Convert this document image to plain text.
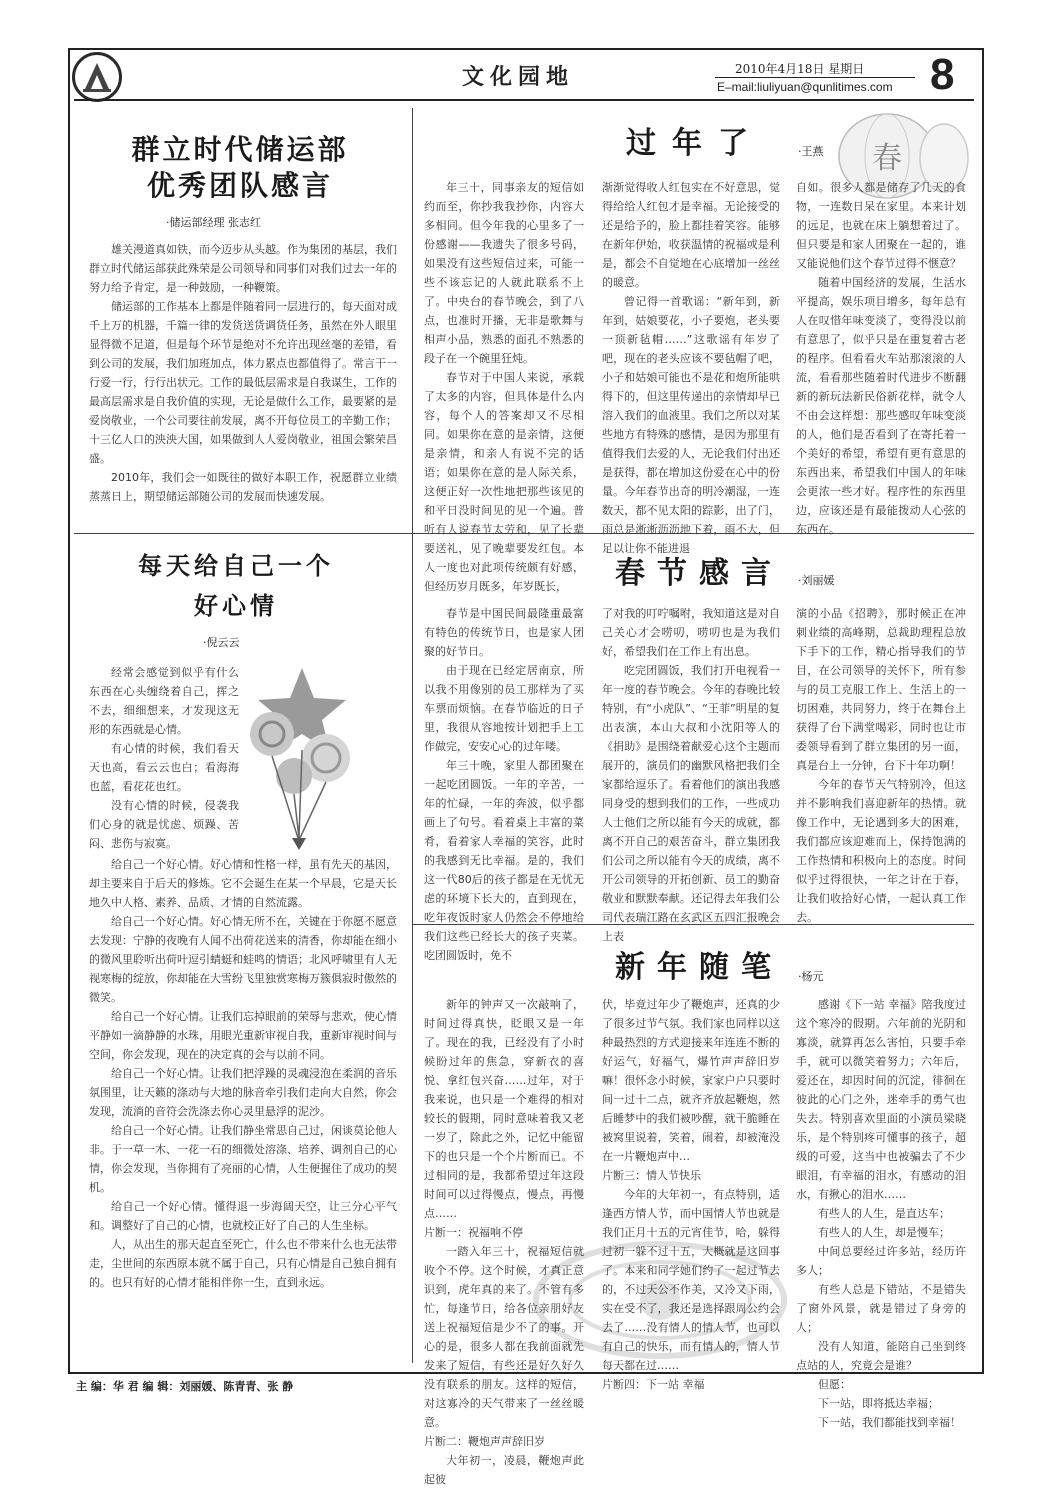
文化园地	2010年4月18日 星期日
E–mail:liuliyuan@qunlitimes.com 8
群立时代储运部
优秀团队感言
·储运部经理 张志红

雄关漫道真如铁，而今迈步从头越。作为集团的基层，我们群立时代储运部获此殊荣是公司领导和同事们对我们过去一年的努力给予肯定，是一种鼓励，一种鞭策。

储运部的工作基本上都是伴随着同一层进行的，每天面对成千上万的机器，千篇一律的发货送货调货任务，虽然在外人眼里显得微不足道，但是每个环节是绝对不允许出现丝毫的差错，看到公司的发展，我们加班加点，体力累点也都值得了。常言干一行爱一行，行行出状元。工作的最低层需求是自我谋生，工作的最高层需求是自我价值的实现，无论是做什么工作，最要紧的是爱岗敬业，一个公司要往前发展，离不开每位员工的辛勤工作；十三亿人口的泱泱大国，如果做到人人爱岗敬业，祖国会繁荣昌盛。

2010年，我们会一如既往的做好本职工作，祝愿群立业绩蒸蒸日上，期望储运部随公司的发展而快速发展。

过年了	·王燕 春

年三十，同事亲友的短信如约而至，你抄我我抄你，内容大多相同。但今年我的心里多了一份感谢——我遗失了很多号码，如果没有这些短信过来，可能一些不该忘记的人就此联系不上了。中央台的春节晚会，到了八点，也准时开播，无非是歌舞与相声小品，熟悉的面孔不熟悉的段子在一个碗里狂炖。

春节对于中国人来说，承载了太多的内容，但具体是什么内容，每个人的答案却又不尽相同。如果你在意的是亲情，这便是亲情，和亲人有说不完的话语；如果你在意的是人际关系，这便正好一次性地把那些该见的和平日没时间见的见一个遍。普听有人说春节太劳和，见了长辈要送礼，见了晚辈要发红包。本人一度也对此项传统颇有好感，但经历岁月既多，年岁既长，

渐渐觉得收人红包实在不好意思，觉得给给人红包才是幸福。无论接受的还是给予的，脸上都挂着笑容。能够在新年伊始，收获温情的祝福或是利是，都会不自觉地在心底增加一丝丝的暖意。

曾记得一首歌谣：“新年到，新年到，姑娘要花，小子要炮，老头要一顶新毡帽……”这歌谣有年岁了吧，现在的老头应该不要毡帽了吧，小子和姑娘可能也不是花和炮所能哄得下的，但这里传递出的亲情却早已溶入我们的血液里。我们之所以对某些地方有特殊的感情，是因为那里有值得我们去爱的人，无论我们付出还是获得，都在增加这份爱在心中的份量。今年春节出奇的明冷潮湿，一连数天，都不见太阳的踪影，出了门，雨总是淅淅沥沥地下着，雨不大，但足以让你不能进退

自如。很多人都是储存了几天的食物，一连数日呆在家里。本来计划的远足，也就在床上躺想着过了。但只要是和家人团聚在一起的，谁又能说他们这个春节过得不惬意？

随着中国经济的发展，生活水平提高，娱乐项目增多，每年总有人在叹惜年味变淡了，变得没以前有意思了，似乎只是在重复着古老的程序。但看看火车站那滚滚的人流，看看那些随着时代进步不断翻新的新玩法新民俗新花样，就令人不由会这样想：那些感叹年味变淡的人，他们是否看到了在寄托着一个美好的希望，希望有更有意思的东西出来，希望我们中国人的年味会更浓一些才好。程序性的东西里边，应该还是有最能拨动人心弦的东西在。

每天给自己一个
好心情
·倪云云

经常会感觉到似乎有什么东西在心头缠绕着自己，挥之不去，细细想来，才发现这无形的东西就是心情。

有心情的时候，我们看天天也高，看云云也白；看海海也蓝，看花花也红。

没有心情的时候，侵袭我们心身的就是忧虑、烦躁、苦闷、悲伤与寂寞。

给自己一个好心情。好心情和性格一样，虽有先天的基因，却主要来自于后天的修炼。它不会诞生在某一个早晨，它是天长地久中人格、素养、品质、才情的自然流露。

给自己一个好心情。好心情无所不在，关键在于你愿不愿意去发现：宁静的夜晚有人闻不出荷花送来的清香，你却能在细小的微风里聆听出荷叶逗引蜻蜓和蛙鸣的情语；北风呼啸里有人无视寒梅的绽放，你却能在大雪纷飞里独赏寒梅万簇俱寂时傲然的微笑。

给自己一个好心情。让我们忘掉眼前的荣辱与悲欢，使心情平静如一滴静静的水珠，用眼光重新审视自我，重新审视时间与空间，你会发现，现在的决定真的会与以前不同。

给自己一个好心情。让我们把浮躁的灵魂浸泡在柔润的音乐氛围里，让天籁的涤动与大地的脉音牵引我们走向大自然，你会发现，流淌的音符会洗涤去你心灵里悬浮的泥沙。

给自己一个好心情。让我们静坐常思自己过，闲谈莫论他人非。于一草一木、一花一石的细微处溶涤、培养、调剂自己的心情，你会发现，当你拥有了亮丽的心情，人生便握住了成功的契机。

给自己一个好心情。懂得退一步海阔天空，让三分心平气和。调整好了自己的心情，也就校正好了自己的人生坐标。

人，从出生的那天起直至死亡，什么也不带来什么也无法带走，尘世间的东西原本就不属于自己，只有心情是自己独自拥有的。也只有好的心情才能相伴你一生，直到永远。

春节感言	·刘丽媛

春节是中国民间最隆重最富有特色的传统节日，也是家人团聚的好节日。

由于现在已经定居南京，所以我不用像别的员工那样为了买车票而烦恼。在春节临近的日子里，我很从容地按计划把手上工作做完，安安心心的过年喽。

年三十晚，家里人都团聚在一起吃团圆饭。一年的辛苦，一年的忙碌，一年的奔波，似乎都画上了句号。看着桌上丰富的菜肴，看着家人幸福的笑容，此时的我感到无比幸福。是的，我们这一代80后的孩子都是在无忧无虑的环境下长大的，直到现在，吃年夜饭时家人仍然会不停地给我们这些已经长大的孩子夹菜。吃团圆饭时，免不

了对我的叮咛嘱咐，我知道这是对自己关心才会唠叨，唠叨也是为我们好，希望我们在工作上有出息。

吃完团圆饭，我们打开电视看一年一度的春节晚会。今年的春晚比较特别，有“小虎队”、“王菲”明星的复出表演，本山大叔和小沈阳等人的《捐助》是围绕着献爱心这个主题而展开的，演员们的幽默风格把我们全家都给逗乐了。看着他们的演出我感同身受的想到我们的工作，一些成功人士他们之所以能有今天的成就，都离不开自己的艰苦奋斗，群立集团我们公司之所以能有今天的成绩，离不开公司领导的开拓创新、员工的勤奋敬业和默默奉献。还记得去年我们公司代表瑞江路在玄武区五四汇报晚会上表

演的小品《招聘》，那时候正在冲刺业绩的高峰期，总裁助理程总放下手下的工作，精心指导我们的节目，在公司领导的关怀下，所有参与的员工克服工作上、生活上的一切困难，共同努力，终于在舞台上获得了台下满堂喝彩，同时也让市委领导看到了群立集团的另一面，真是台上一分钟，台下十年功啊！

今年的春节天气特别冷，但这并不影响我们喜迎新年的热情。就像工作中，无论遇到多大的困难，我们都应该迎难而上，保持饱满的工作热情和积极向上的态度。时间似乎过得很快，一年之计在于春，让我们收拾好心情，一起认真工作去。

新年随笔	·杨元

新年的钟声又一次敲响了，时间过得真快，眨眼又是一年了。现在的我，已经没有了小时候盼过年的焦急，穿新衣的喜悦、拿红包兴奋……过年，对于我来说，也只是一个难得的相对较长的假期，同时意味着我又老一岁了，除此之外，记忆中能留下的也只是一个个片断而已。不过相同的是，我都希望过年这段时间可以过得慢点，慢点，再慢点……

片断一：祝福响不停

一踏入年三十，祝福短信就收个不停。这个时候，才真正意识到，虎年真的来了。不管有多忙，每逢节日，给各位亲朋好友送上祝福短信是少不了的事。开心的是，很多人都在我前面就先发来了短信，有些还是好久好久没有联系的朋友。这样的短信，对这寡冷的天气带来了一丝丝暖意。

片断二：鞭炮声声辞旧岁

大年初一，凌晨，鞭炮声此起彼

伏，毕竟过年少了鞭炮声，还真的少了很多过节气氛。我们家也同样以这种最热烈的方式迎接来年连连不断的好运气，好福气，爆竹声声辞旧岁嘛！很怀念小时候，家家户户只要时间一过十二点，就齐齐放起鞭炮，然后睡梦中的我们被吵醒，就干脆睡在被窝里说着，笑着，闹着，却被淹没在一片鞭炮声中…

片断三：情人节快乐

今年的大年初一，有点特别，适逢西方情人节，而中国情人节也就是我们正月十五的元宵佳节，哈，躲得过初一躲不过十五，大概就是这回事了。本来和同学她们约了一起过节去的，不过天公不作美，又冷又下雨，实在受不了，我还是选择跟周公约会去了……没有情人的情人节，也可以有自己的快乐，而有情人的，情人节每天都在过……

片断四：下一站 幸福

感谢《下一站 幸福》陪我度过这个寒冷的假期。六年前的光阴和寡淡，就算再怎么害怕，只要手牵手，就可以微笑着努力；六年后，爱还在，却因时间的沉淀，徘徊在彼此的心门之外，迷牵手的勇气也失去。特别喜欢里面的小演员梁晓乐，是个特别疼可懂事的孩子，超级的可爱，这当中也被骗去了不少眼泪，有幸福的泪水，有感动的泪水，有揪心的泪水……

有些人的人生，是直达车；

有些人的人生，却是慢车；

中间总要经过许多站，经历许多人；

有些人总是下错站，不是错失了窗外风景，就是错过了身旁的人；

没有人知道，能陪自己坐到终点站的人，究竟会是谁？

但愿：

下一站，即将抵达幸福；

下一站，我们都能找到幸福！

主 编：华 君 编 辑：刘丽媛、陈青青、张 静
